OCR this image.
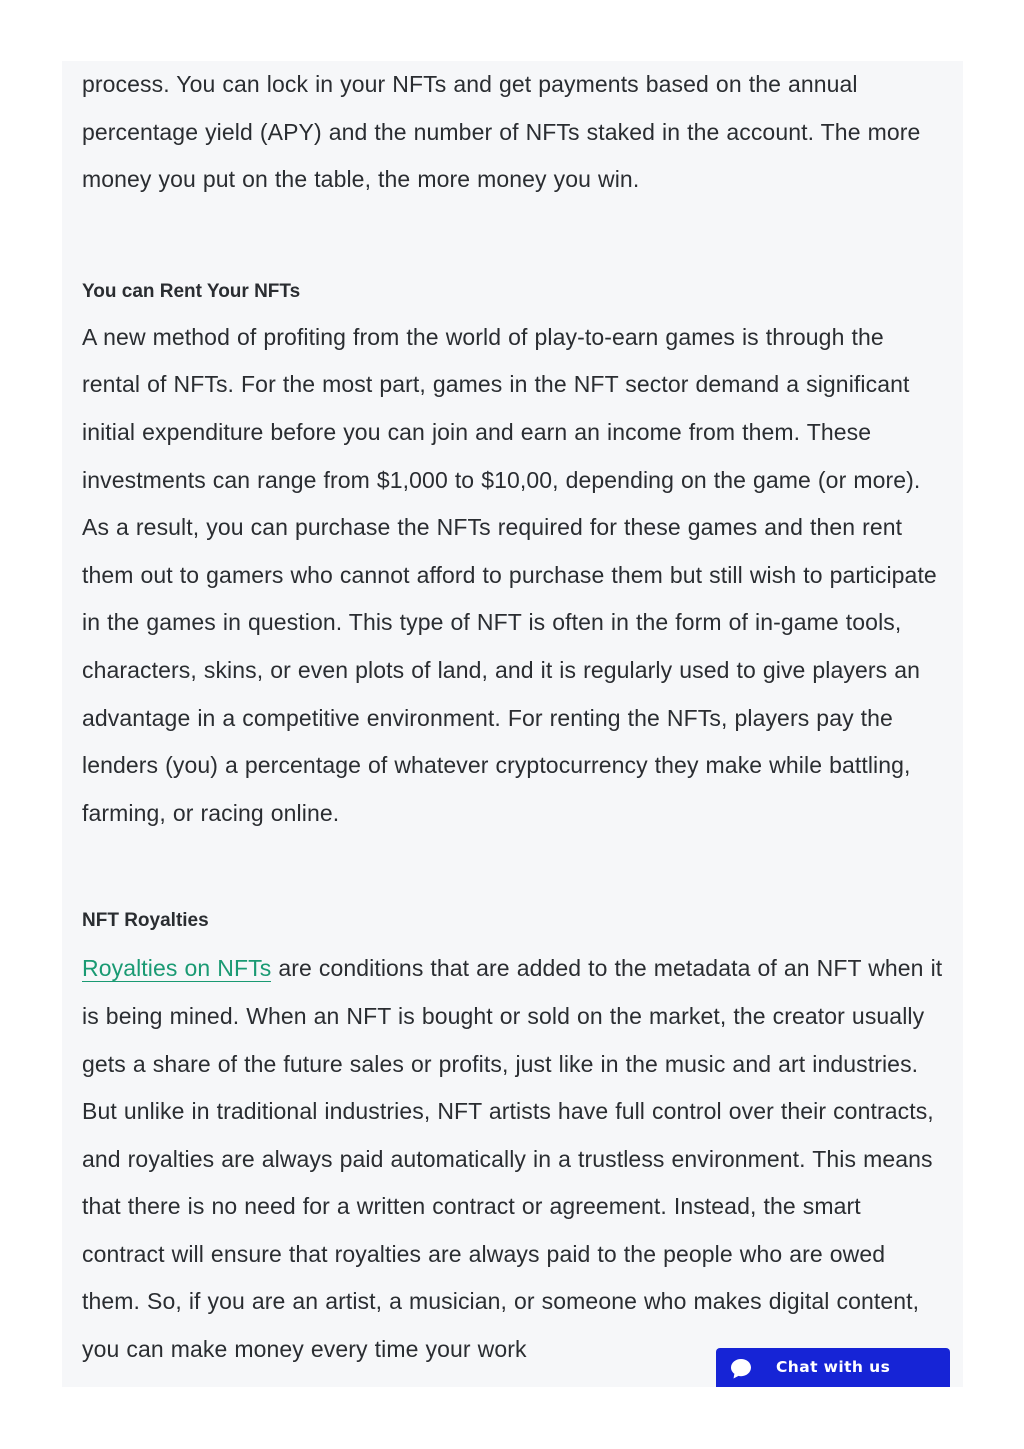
process. You can lock in your NFTs and get payments based on the annual percentage yield (APY) and the number of NFTs staked in the account. The more money you put on the table, the more money you win.

You can Rent Your NFTs

A new method of profiting from the world of play-to-earn games is through the rental of NFTs. For the most part, games in the NFT sector demand a significant initial expenditure before you can join and earn an income from them. These investments can range from $1,000 to $10,00, depending on the game (or more). As a result, you can purchase the NFTs required for these games and then rent them out to gamers who cannot afford to purchase them but still wish to participate in the games in question. This type of NFT is often in the form of in-game tools, characters, skins, or even plots of land, and it is regularly used to give players an advantage in a competitive environment. For renting the NFTs, players pay the lenders (you) a percentage of whatever cryptocurrency they make while battling, farming, or racing online.

NFT Royalties

Royalties on NFTs are conditions that are added to the metadata of an NFT when it is being mined. When an NFT is bought or sold on the market, the creator usually gets a share of the future sales or profits, just like in the music and art industries. But unlike in traditional industries, NFT artists have full control over their contracts, and royalties are always paid automatically in a trustless environment. This means that there is no need for a written contract or agreement. Instead, the smart contract will ensure that royalties are always paid to the people who are owed them. So, if you are an artist, a musician, or someone who makes digital content, you can make money every time your work

Chat with us
